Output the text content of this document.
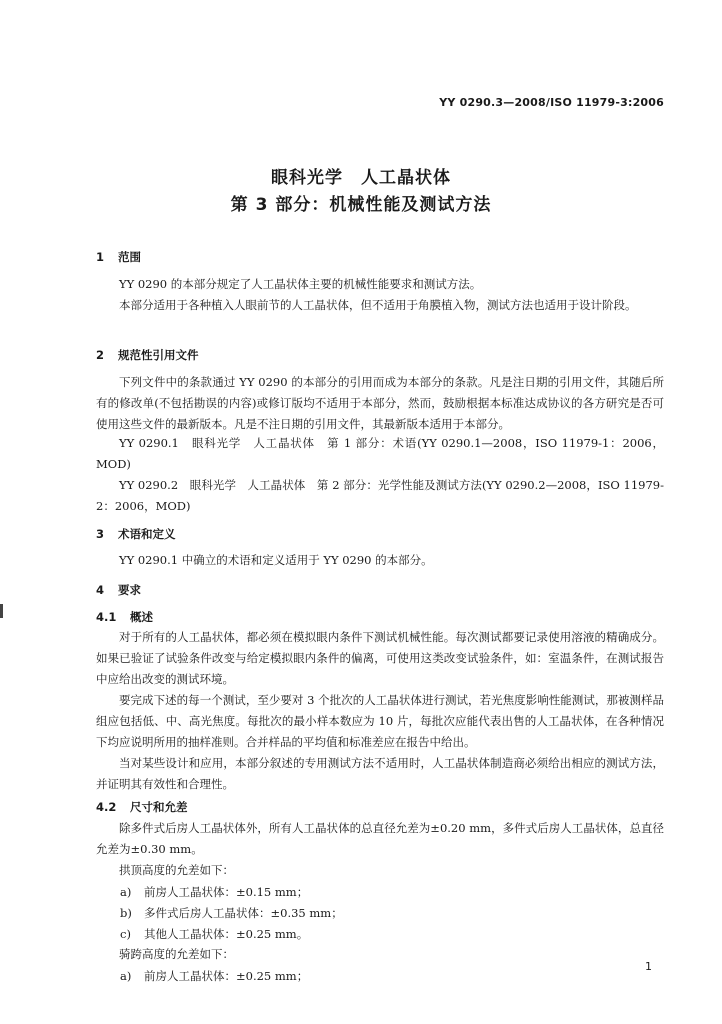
YY 0290.3—2008/ISO 11979-3:2006
眼科光学　人工晶状体
第 3 部分：机械性能及测试方法
1 范围
YY 0290 的本部分规定了人工晶状体主要的机械性能要求和测试方法。
本部分适用于各种植入人眼前节的人工晶状体，但不适用于角膜植入物，测试方法也适用于设计阶段。
2 规范性引用文件
下列文件中的条款通过 YY 0290 的本部分的引用而成为本部分的条款。凡是注日期的引用文件，其随后所有的修改单(不包括勘误的内容)或修订版均不适用于本部分，然而，鼓励根据本标准达成协议的各方研究是否可使用这些文件的最新版本。凡是不注日期的引用文件，其最新版本适用于本部分。
YY 0290.1　眼科光学　人工晶状体　第 1 部分：术语(YY 0290.1—2008，ISO 11979-1：2006，MOD)
YY 0290.2　眼科光学　人工晶状体　第 2 部分：光学性能及测试方法(YY 0290.2—2008，ISO 11979-2：2006，MOD)
3 术语和定义
YY 0290.1 中确立的术语和定义适用于 YY 0290 的本部分。
4 要求
4.1 概述
对于所有的人工晶状体，都必须在模拟眼内条件下测试机械性能。每次测试都要记录使用溶液的精确成分。如果已验证了试验条件改变与给定模拟眼内条件的偏离，可使用这类改变试验条件，如：室温条件，在测试报告中应给出改变的测试环境。
要完成下述的每一个测试，至少要对 3 个批次的人工晶状体进行测试，若光焦度影响性能测试，那被测样品组应包括低、中、高光焦度。每批次的最小样本数应为 10 片，每批次应能代表出售的人工晶状体，在各种情况下均应说明所用的抽样准则。合并样品的平均值和标准差应在报告中给出。
当对某些设计和应用，本部分叙述的专用测试方法不适用时，人工晶状体制造商必须给出相应的测试方法，并证明其有效性和合理性。
4.2 尺寸和允差
除多件式后房人工晶状体外，所有人工晶状体的总直径允差为±0.20 mm，多件式后房人工晶状体，总直径允差为±0.30 mm。
拱顶高度的允差如下：
a) 前房人工晶状体：±0.15 mm；
b) 多件式后房人工晶状体：±0.35 mm；
c) 其他人工晶状体：±0.25 mm。
骑跨高度的允差如下：
a) 前房人工晶状体：±0.25 mm；
1
